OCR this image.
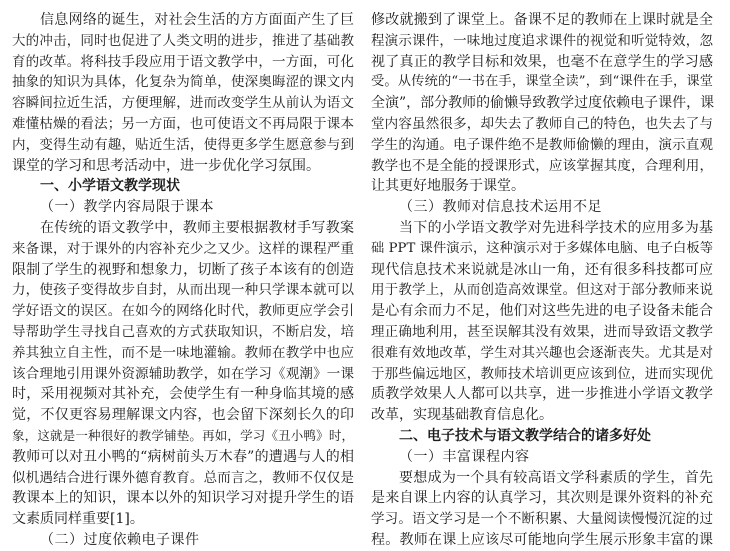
信息网络的诞生，对社会生活的方方面面产生了巨
大的冲击，同时也促进了人类文明的进步，推进了基础教
育的改革。将科技手段应用于语文教学中，一方面，可化
抽象的知识为具体，化复杂为简单，使深奥晦涩的课文内
容瞬间拉近生活，方便理解，进而改变学生从前认为语文
难懂枯燥的看法；另一方面，也可使语文不再局限于课本
内，变得生动有趣，贴近生活，使得更多学生愿意参与到
课堂的学习和思考活动中，进一步优化学习氛围。
一、小学语文教学现状
（一）教学内容局限于课本
在传统的语文教学中，教师主要根据教材手写教案
来备课，对于课外的内容补充少之又少。这样的课程严重
限制了学生的视野和想象力，切断了孩子本该有的创造
力，使孩子变得故步自封，从而出现一种只学课本就可以
学好语文的误区。在如今的网络化时代，教师更应学会引
导帮助学生寻找自己喜欢的方式获取知识，不断启发，培
养其独立自主性，而不是一味地灌输。教师在教学中也应
该合理地引用课外资源辅助教学，如在学习《观潮》一课
时，采用视频对其补充，会使学生有一种身临其境的感
觉，不仅更容易理解课文内容，也会留下深刻长久的印
象，这就是一种很好的教学铺垫。再如，学习《丑小鸭》时，
教师可以对丑小鸭的“病树前头万木春”的遭遇与人的相
似机遇结合进行课外德育教育。总而言之，教师不仅仅是
教课本上的知识，课本以外的知识学习对提升学生的语
文素质同样重要[1]。
（二）过度依赖电子课件
修改就搬到了课堂上。备课不足的教师在上课时就是全
程演示课件，一味地过度追求课件的视觉和听觉特效，忽
视了真正的教学目标和效果，也毫不在意学生的学习感
受。从传统的“一书在手，课堂全读”，到“课件在手，课堂
全演”，部分教师的偷懒导致教学过度依赖电子课件，课
堂内容虽然很多，却失去了教师自己的特色，也失去了与
学生的沟通。电子课件绝不是教师偷懒的理由，演示直观
教学也不是全能的授课形式，应该掌握其度，合理利用，
让其更好地服务于课堂。
（三）教师对信息技术运用不足
当下的小学语文教学对先进科学技术的应用多为基
础 PPT 课件演示，这种演示对于多媒体电脑、电子白板等
现代信息技术来说就是冰山一角，还有很多科技都可应
用于教学上，从而创造高效课堂。但这对于部分教师来说
是心有余而力不足，他们对这些先进的电子设备未能合
理正确地利用，甚至误解其没有效果，进而导致语文教学
很难有效地改革，学生对其兴趣也会逐渐丧失。尤其是对
于那些偏远地区，教师技术培训更应该到位，进而实现优
质教学效果人人都可以共享，进一步推进小学语文教学
改革，实现基础教育信息化。
二、电子技术与语文教学结合的诸多好处
（一）丰富课程内容
要想成为一个具有较高语文学科素质的学生，首先
是来自课上内容的认真学习，其次则是课外资料的补充
学习。语文学习是一个不断积累、大量阅读慢慢沉淀的过
程。教师在课上应该尽可能地向学生展示形象丰富的课
